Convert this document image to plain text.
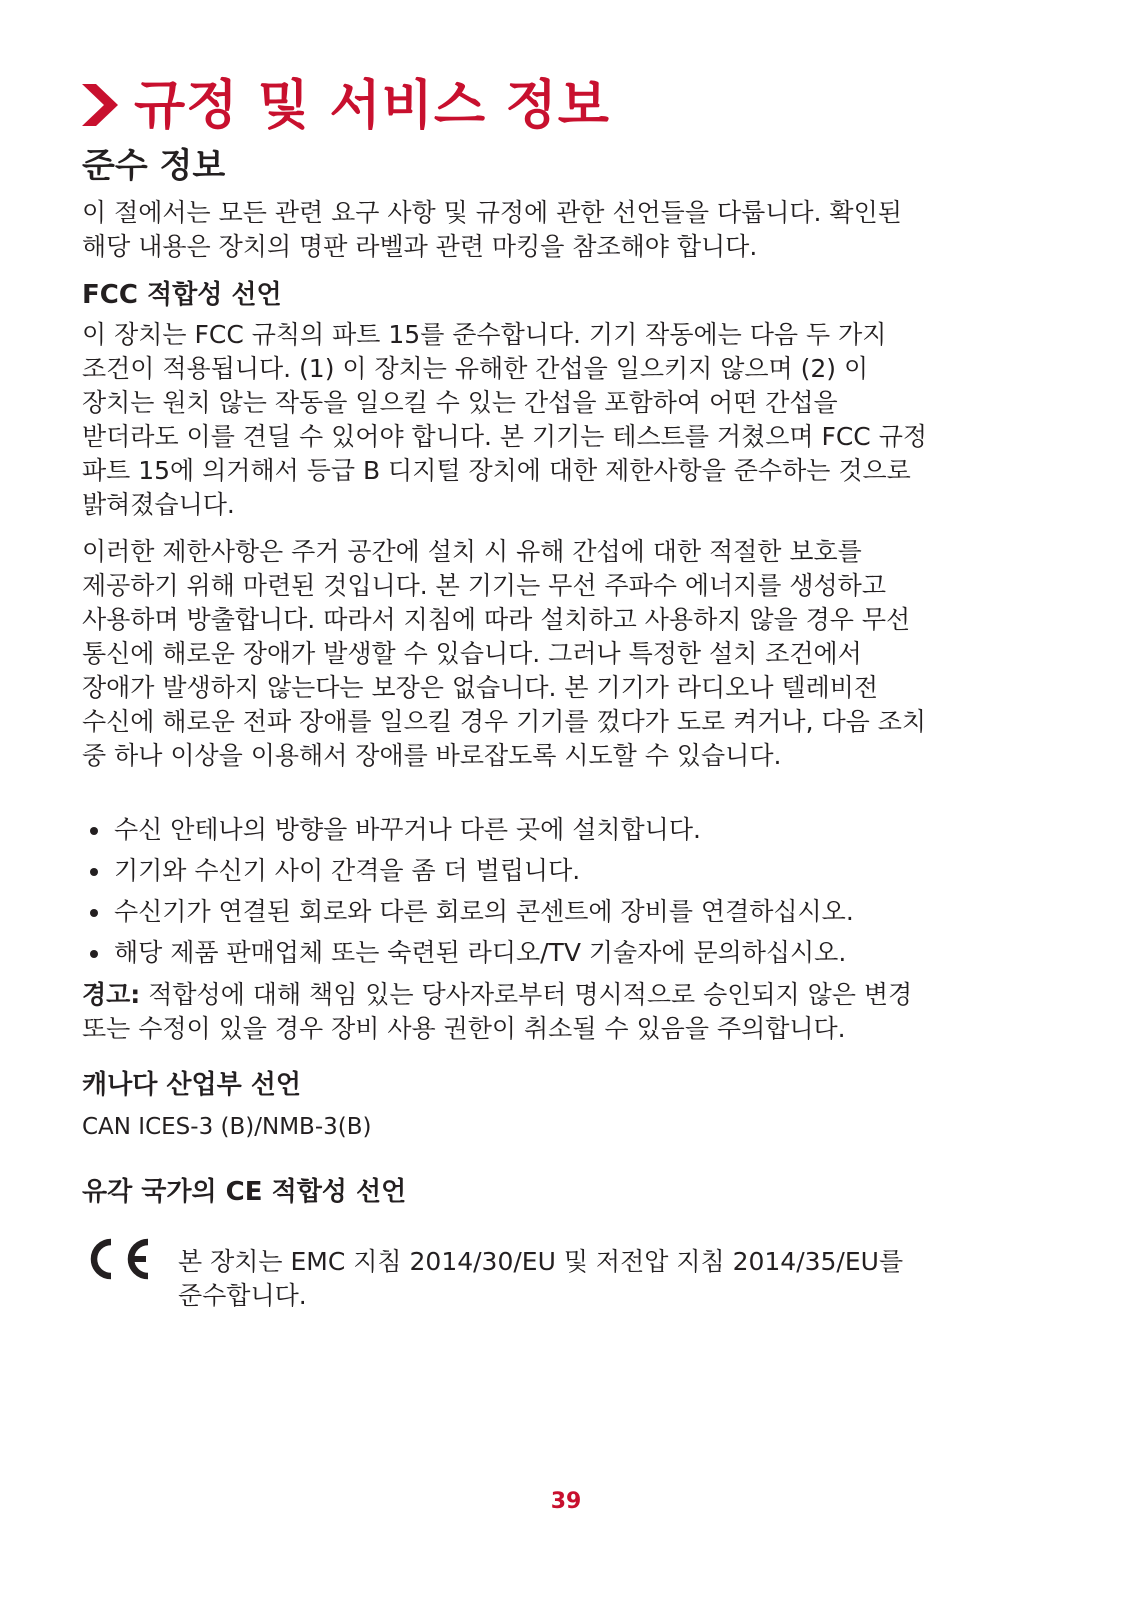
규정 및 서비스 정보
준수 정보

이 절에서는 모든 관련 요구 사항 및 규정에 관한 선언들을 다룹니다. 확인된
해당 내용은 장치의 명판 라벨과 관련 마킹을 참조해야 합니다.

FCC 적합성 선언

이 장치는 FCC 규칙의 파트 15를 준수합니다. 기기 작동에는 다음 두 가지
조건이 적용됩니다. (1) 이 장치는 유해한 간섭을 일으키지 않으며 (2) 이
장치는 원치 않는 작동을 일으킬 수 있는 간섭을 포함하여 어떤 간섭을
받더라도 이를 견딜 수 있어야 합니다. 본 기기는 테스트를 거쳤으며 FCC 규정
파트 15에 의거해서 등급 B 디지털 장치에 대한 제한사항을 준수하는 것으로
밝혀졌습니다.

이러한 제한사항은 주거 공간에 설치 시 유해 간섭에 대한 적절한 보호를
제공하기 위해 마련된 것입니다. 본 기기는 무선 주파수 에너지를 생성하고
사용하며 방출합니다. 따라서 지침에 따라 설치하고 사용하지 않을 경우 무선
통신에 해로운 장애가 발생할 수 있습니다. 그러나 특정한 설치 조건에서
장애가 발생하지 않는다는 보장은 없습니다. 본 기기가 라디오나 텔레비전
수신에 해로운 전파 장애를 일으킬 경우 기기를 껐다가 도로 켜거나, 다음 조치
중 하나 이상을 이용해서 장애를 바로잡도록 시도할 수 있습니다.

수신 안테나의 방향을 바꾸거나 다른 곳에 설치합니다.
기기와 수신기 사이 간격을 좀 더 벌립니다.
수신기가 연결된 회로와 다른 회로의 콘센트에 장비를 연결하십시오.
해당 제품 판매업체 또는 숙련된 라디오/TV 기술자에 문의하십시오.

경고: 적합성에 대해 책임 있는 당사자로부터 명시적으로 승인되지 않은 변경
또는 수정이 있을 경우 장비 사용 권한이 취소될 수 있음을 주의합니다.

캐나다 산업부 선언
CAN ICES-3 (B)/NMB-3(B)
유각 국가의 CE 적합성 선언

본 장치는 EMC 지침 2014/30/EU 및 저전압 지침 2014/35/EU를
준수합니다.

39
